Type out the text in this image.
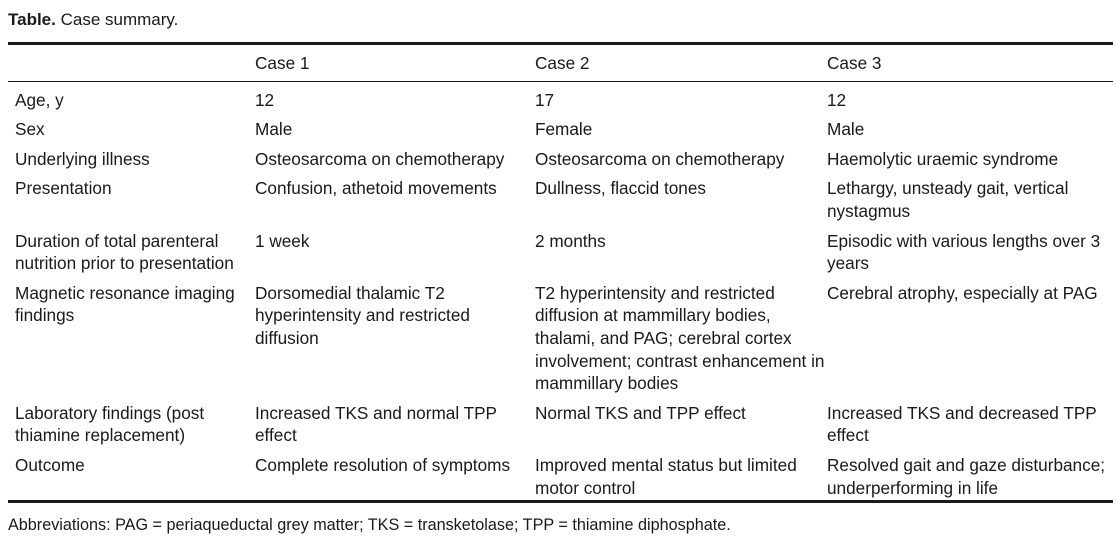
Table. Case summary.
	Case 1	Case 2	Case 3

Age, y	12	17	12
Sex	Male	Female	Male
Underlying illness	Osteosarcoma on chemotherapy	Osteosarcoma on chemotherapy	Haemolytic uraemic syndrome
Presentation	Confusion, athetoid movements	Dullness, flaccid tones	Lethargy, unsteady gait, vertical nystagmus
Duration of total parenteral nutrition prior to presentation	1 week	2 months	Episodic with various lengths over 3 years
Magnetic resonance imaging findings	Dorsomedial thalamic T2 hyperintensity and restricted diffusion	T2 hyperintensity and restricted diffusion at mammillary bodies, thalami, and PAG; cerebral cortex involvement; contrast enhancement in mammillary bodies	Cerebral atrophy, especially at PAG
Laboratory findings (post thiamine replacement)	Increased TKS and normal TPP effect	Normal TKS and TPP effect	Increased TKS and decreased TPP effect
Outcome	Complete resolution of symptoms	Improved mental status but limited motor control	Resolved gait and gaze disturbance; underperforming in life
Abbreviations: PAG = periaqueductal grey matter; TKS = transketolase; TPP = thiamine diphosphate.
